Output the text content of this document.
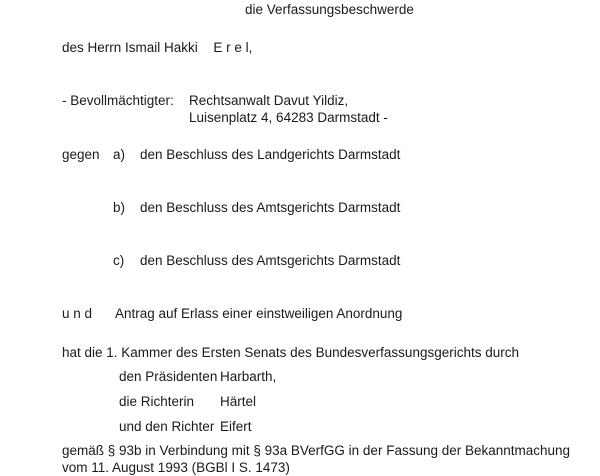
die Verfassungsbeschwerde
des Herrn Ismail Hakki E r e l,
- Bevollmächtigter: Rechtsanwalt Davut Yildiz,
Luisenplatz 4, 64283 Darmstadt -
gegen a) den Beschluss des Landgerichts Darmstadt
b) den Beschluss des Amtsgerichts Darmstadt
c) den Beschluss des Amtsgerichts Darmstadt
u n d Antrag auf Erlass einer einstweiligen Anordnung
hat die 1. Kammer des Ersten Senats des Bundesverfassungsgerichts durch
den Präsidenten Harbarth,
die Richterin Härtel
und den Richter Eifert
gemäß § 93b in Verbindung mit § 93a BVerfGG in der Fassung der Bekanntmachung
vom 11. August 1993 (BGBl I S. 1473)
